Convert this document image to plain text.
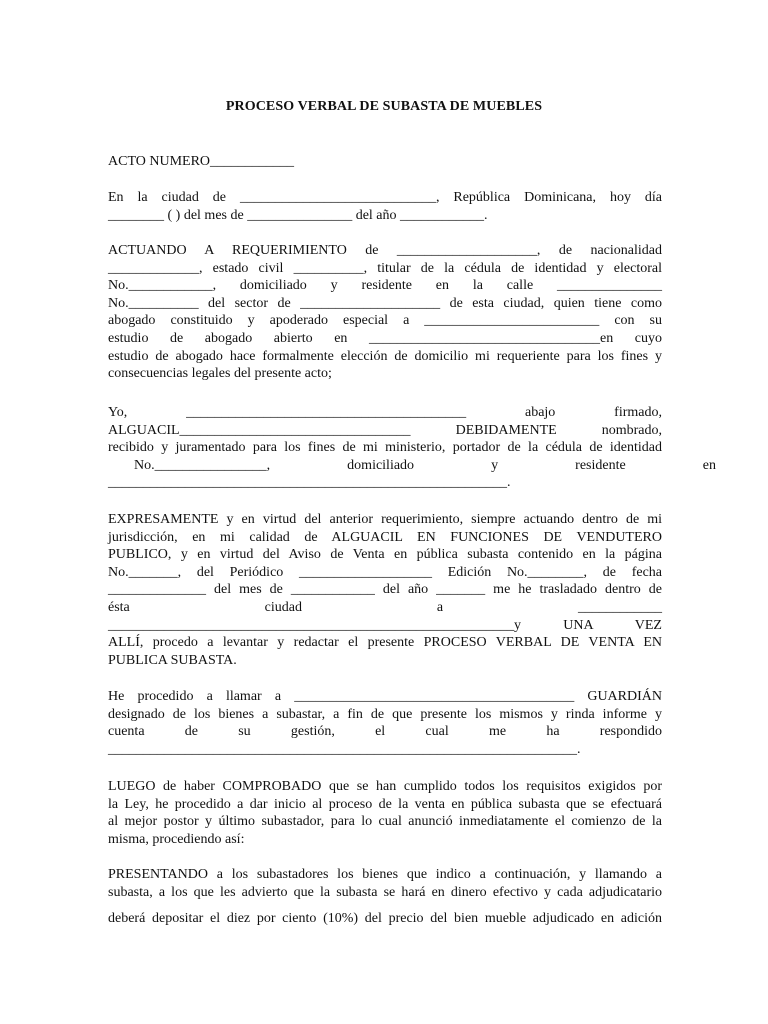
PROCESO VERBAL DE SUBASTA DE MUEBLES
ACTO NUMERO____________
En la ciudad de ____________________________, República Dominicana, hoy día
________ ( ) del mes de _______________ del año ____________.
ACTUANDO A REQUERIMIENTO de ____________________, de nacionalidad
_____________, estado civil __________, titular de la cédula de identidad y electoral
No.____________, domiciliado y residente en la calle _______________
No.__________ del sector de ____________________ de esta ciudad, quien tiene como
abogado constituido y apoderado especial a _________________________ con su
estudio de abogado abierto en _________________________________en cuyo
estudio de abogado hace formalmente elección de domicilio mi requeriente para los fines y
consecuencias legales del presente acto;
Yo, ________________________________________ abajo firmado,
ALGUACIL_________________________________ DEBIDAMENTE nombrado,
recibido y juramentado para los fines de mi ministerio, portador de la cédula de identidad
No.________________, domiciliado y residente en
_________________________________________________________.
EXPRESAMENTE y en virtud del anterior requerimiento, siempre actuando dentro de mi
jurisdicción, en mi calidad de ALGUACIL EN FUNCIONES DE VENDUTERO
PUBLICO, y en virtud del Aviso de Venta en pública subasta contenido en la página
No._______, del Periódico ___________________ Edición No.________, de fecha
______________ del mes de ____________ del año _______ me he trasladado dentro de
ésta ciudad a ____________
__________________________________________________________y UNA VEZ
ALLÍ, procedo a levantar y redactar el presente PROCESO VERBAL DE VENTA EN
PUBLICA SUBASTA.
He procedido a llamar a ________________________________________ GUARDIÁN
designado de los bienes a subastar, a fin de que presente los mismos y rinda informe y
cuenta de su gestión, el cual me ha respondido
___________________________________________________________________.
LUEGO de haber COMPROBADO que se han cumplido todos los requisitos exigidos por
la Ley, he procedido a dar inicio al proceso de la venta en pública subasta que se efectuará
al mejor postor y último subastador, para lo cual anunció inmediatamente el comienzo de la
misma, procediendo así:
PRESENTANDO a los subastadores los bienes que indico a continuación, y llamando a
subasta, a los que les advierto que la subasta se hará en dinero efectivo y cada adjudicatario
deberá depositar el diez por ciento (10%) del precio del bien mueble adjudicado en adición
